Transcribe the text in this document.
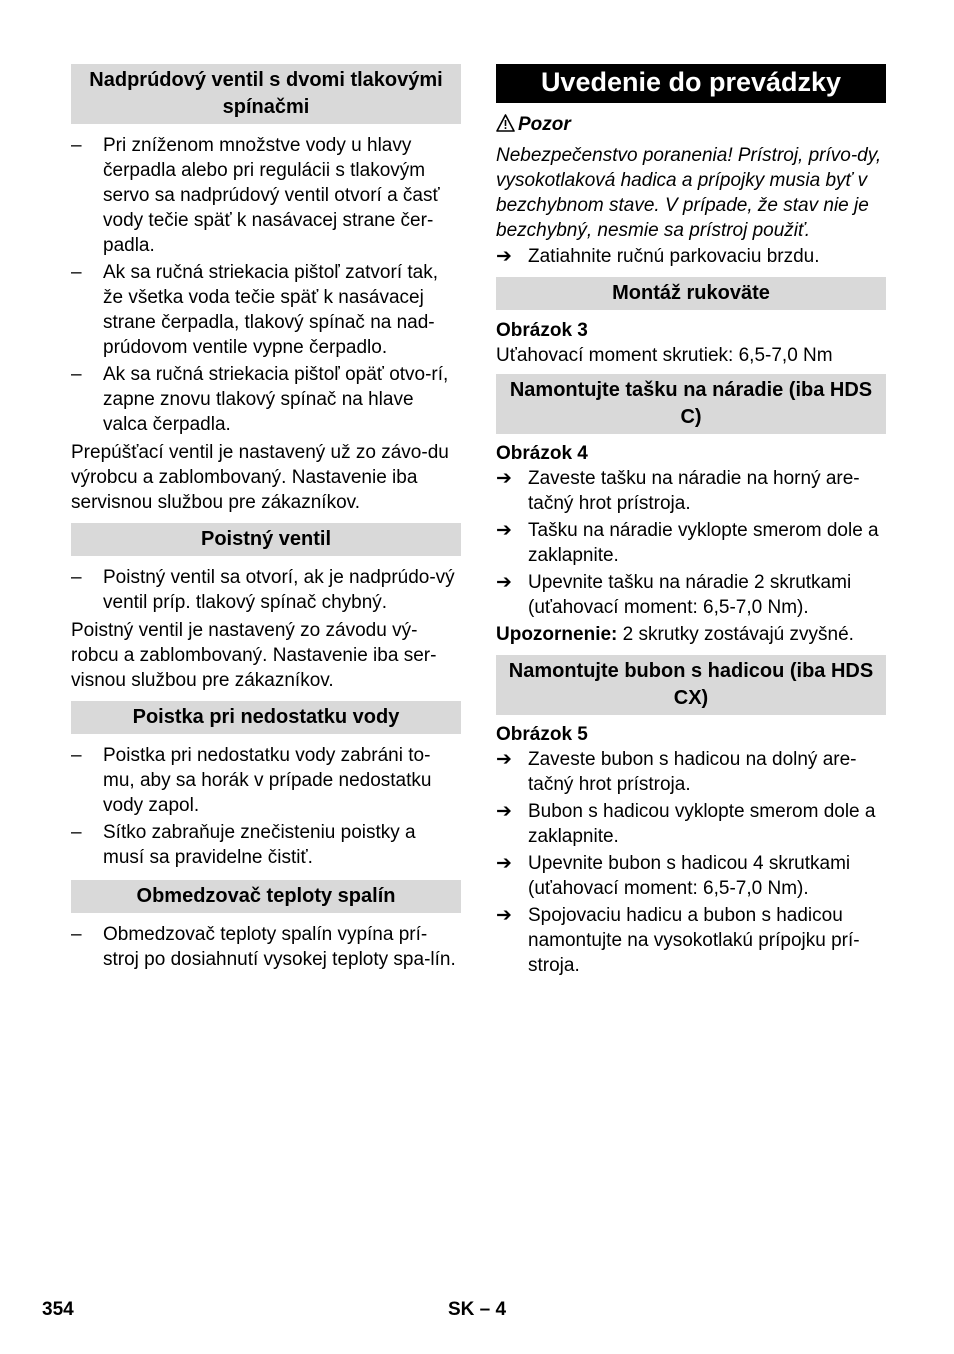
Nadprúdový ventil s dvomi tlakovými spínačmi
– Pri zníženom množstve vody u hlavy čerpadla alebo pri regulácii s tlakovým servo sa nadprúdový ventil otvorí a časť vody tečie späť k nasávacej strane čer-padla.

– Ak sa ručná striekacia pištoľ zatvorí tak, že všetka voda tečie späť k nasávacej strane čerpadla, tlakový spínač na nad-prúdovom ventile vypne čerpadlo.

– Ak sa ručná striekacia pištoľ opäť otvo-rí, zapne znovu tlakový spínač na hlave valca čerpadla.

Prepúšťací ventil je nastavený už zo závo-du výrobcu a zablombovaný. Nastavenie iba servisnou službou pre zákazníkov.

Poistný ventil
– Poistný ventil sa otvorí, ak je nadprúdo-vý ventil príp. tlakový spínač chybný.

Poistný ventil je nastavený zo závodu vý-robcu a zablombovaný. Nastavenie iba ser-visnou službou pre zákazníkov.

Poistka pri nedostatku vody
– Poistka pri nedostatku vody zabráni to-mu, aby sa horák v prípade nedostatku vody zapol.

– Sítko zabraňuje znečisteniu poistky a musí sa pravidelne čistiť.

Obmedzovač teploty spalín
– Obmedzovač teploty spalín vypína prí-stroj po dosiahnutí vysokej teploty spa-lín.

Uvedenie do prevádzky
Pozor

Nebezpečenstvo poranenia! Prístroj, prívo-dy, vysokotlaková hadica a prípojky musia byť v bezchybnom stave. V prípade, že stav nie je bezchybný, nesmie sa prístroj použiť.

➔ Zatiahnite ručnú parkovaciu brzdu.

Montáž rukoväte

Obrázok 3

Uťahovací moment skrutiek: 6,5-7,0 Nm

Namontujte tašku na náradie (iba HDS C)

Obrázok 4

➔ Zaveste tašku na náradie na horný are-tačný hrot prístroja.

➔ Tašku na náradie vyklopte smerom dole a zaklapnite.

➔ Upevnite tašku na náradie 2 skrutkami (uťahovací moment: 6,5-7,0 Nm).

Upozornenie: 2 skrutky zostávajú zvyšné.

Namontujte bubon s hadicou (iba HDS CX)

Obrázok 5

➔ Zaveste bubon s hadicou na dolný are-tačný hrot prístroja.

➔ Bubon s hadicou vyklopte smerom dole a zaklapnite.

➔ Upevnite bubon s hadicou 4 skrutkami (uťahovací moment: 6,5-7,0 Nm).

➔ Spojovaciu hadicu a bubon s hadicou namontujte na vysokotlakú prípojku prí-stroja.

354	SK – 4
